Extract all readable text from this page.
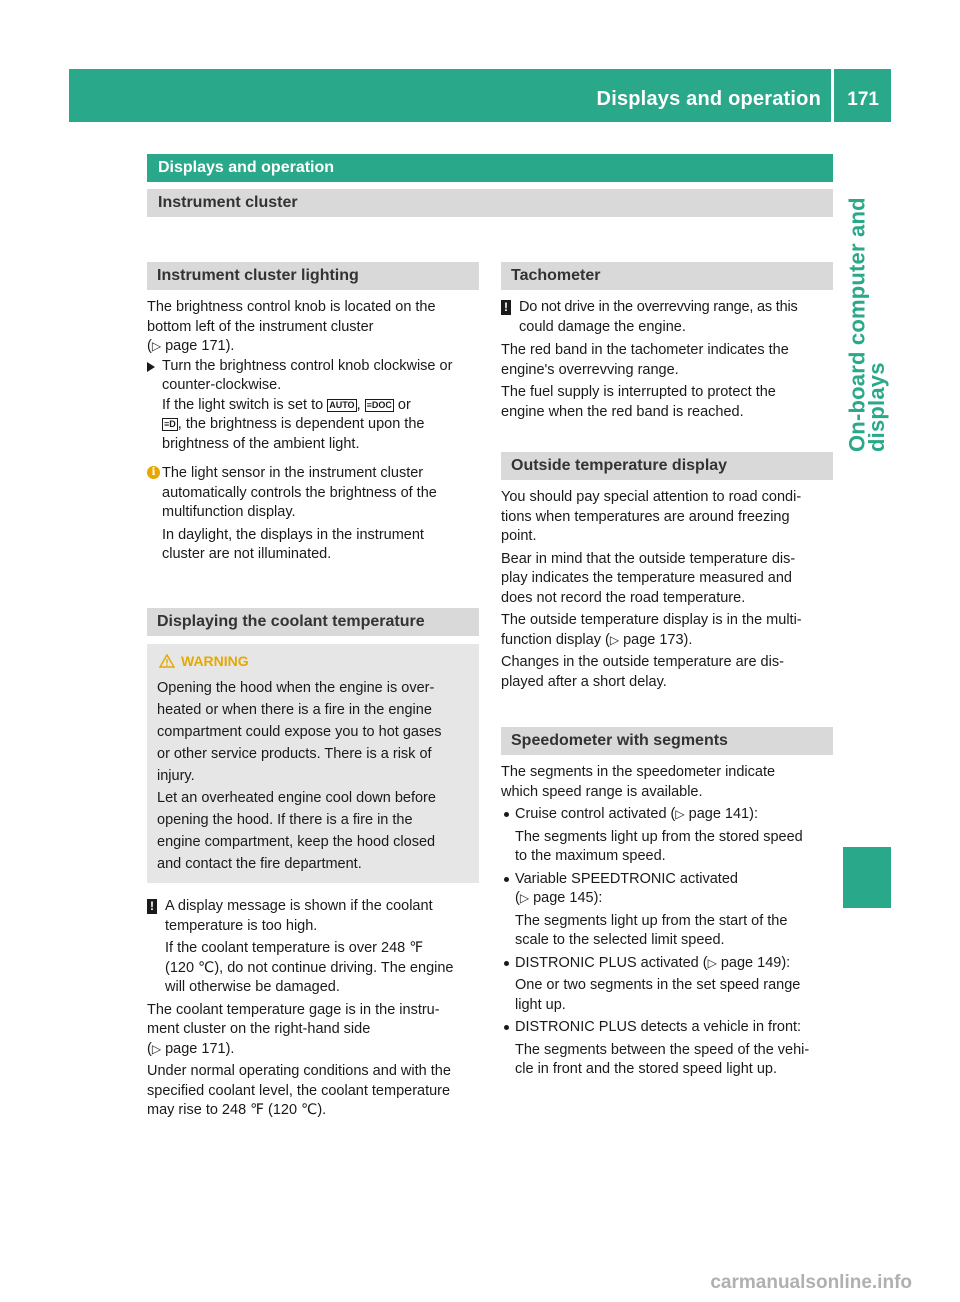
Displays and operation 171
On-board computer and displays
Displays and operation
Instrument cluster
Instrument cluster lighting

The brightness control knob is located on the

bottom left of the instrument cluster

(▷ page 171).

Turn the brightness control knob clockwise or

counter-clockwise.

If the light switch is set to AUTO , ≡DOC or

≡D , the brightness is dependent upon the

brightness of the ambient light.

i The light sensor in the instrument cluster

automatically controls the brightness of the

multifunction display.

In daylight, the displays in the instrument

cluster are not illuminated.

Displaying the coolant temperature
WARNING

Opening the hood when the engine is over-

heated or when there is a fire in the engine

compartment could expose you to hot gases

or other service products. There is a risk of

injury.

Let an overheated engine cool down before

opening the hood. If there is a fire in the

engine compartment, keep the hood closed

and contact the fire department.

! A display message is shown if the coolant

temperature is too high.

If the coolant temperature is over 248 ℉

(120 ℃), do not continue driving. The engine

will otherwise be damaged.

The coolant temperature gage is in the instru-

ment cluster on the right-hand side

(▷ page 171).

Under normal operating conditions and with the

specified coolant level, the coolant temperature

may rise to 248 ℉ (120 ℃).

Tachometer
! Do not drive in the overrevving range, as this

could damage the engine.

The red band in the tachometer indicates the

engine's overrevving range.

The fuel supply is interrupted to protect the

engine when the red band is reached.

Outside temperature display

You should pay special attention to road condi-

tions when temperatures are around freezing

point.

Bear in mind that the outside temperature dis-

play indicates the temperature measured and

does not record the road temperature.

The outside temperature display is in the multi-

function display (▷ page 173).

Changes in the outside temperature are dis-

played after a short delay.

Speedometer with segments

The segments in the speedometer indicate

which speed range is available.

Cruise control activated (▷ page 141):

The segments light up from the stored speed

to the maximum speed.

Variable SPEEDTRONIC activated

(▷ page 145):

The segments light up from the start of the

scale to the selected limit speed.

DISTRONIC PLUS activated (▷ page 149):

One or two segments in the set speed range

light up.

DISTRONIC PLUS detects a vehicle in front:

The segments between the speed of the vehi-

cle in front and the stored speed light up.

carmanualsonline.info
